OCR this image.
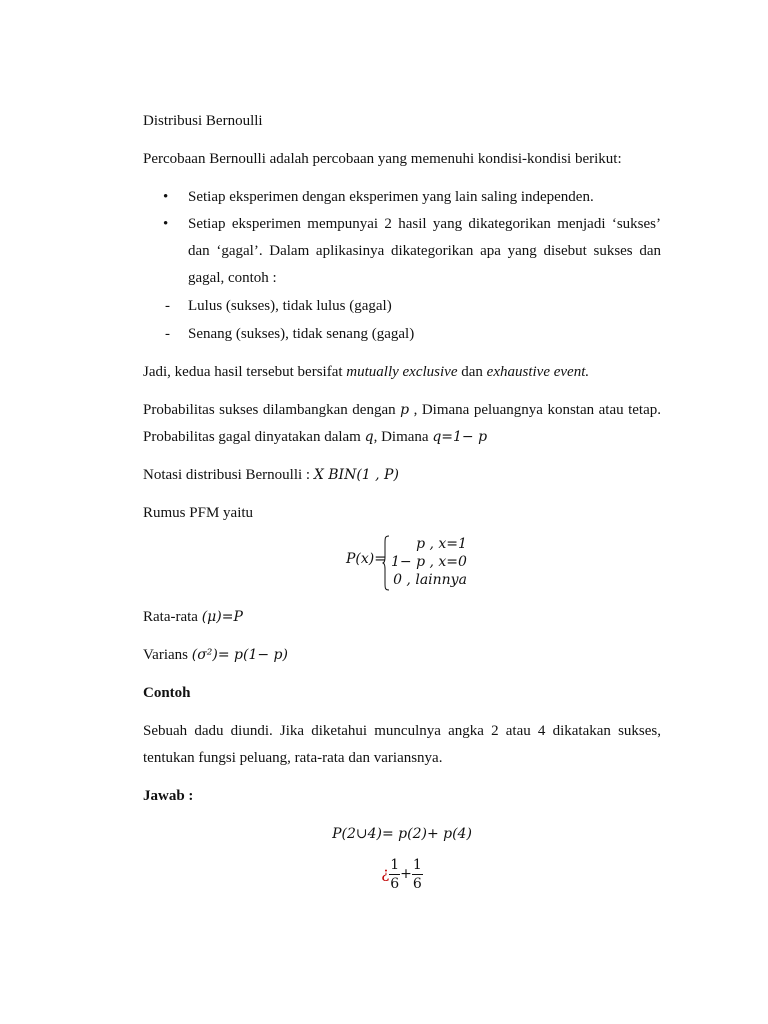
Distribusi Bernoulli

Percobaan Bernoulli adalah percobaan yang memenuhi kondisi-kondisi berikut:

• Setiap eksperimen dengan eksperimen yang lain saling independen.
• Setiap eksperimen mempunyai 2 hasil yang dikategorikan menjadi ‘sukses’ dan ‘gagal’. Dalam aplikasinya dikategorikan apa yang disebut sukses dan gagal, contoh :
- Lulus (sukses), tidak lulus (gagal)
- Senang (sukses), tidak senang (gagal)

Jadi, kedua hasil tersebut bersifat mutually exclusive dan exhaustive event.

Probabilitas sukses dilambangkan dengan p , Dimana peluangnya konstan atau tetap. Probabilitas gagal dinyatakan dalam q, Dimana q=1− p

Notasi distribusi Bernoulli : X BIN(1 , P)

Rumus PFM yaitu

P(x)=
p , x=1
1− p , x=0
0 , lainnya

Rata-rata (μ)=P

Varians (σ²)= p(1− p)

Contoh

Sebuah dadu diundi. Jika diketahui munculnya angka 2 atau 4 dikatakan sukses, tentukan fungsi peluang, rata-rata dan variansnya.

Jawab :

P(2∪4)= p(2)+ p(4)

¿ $\frac{1}{6} + \frac{1}{6}$
